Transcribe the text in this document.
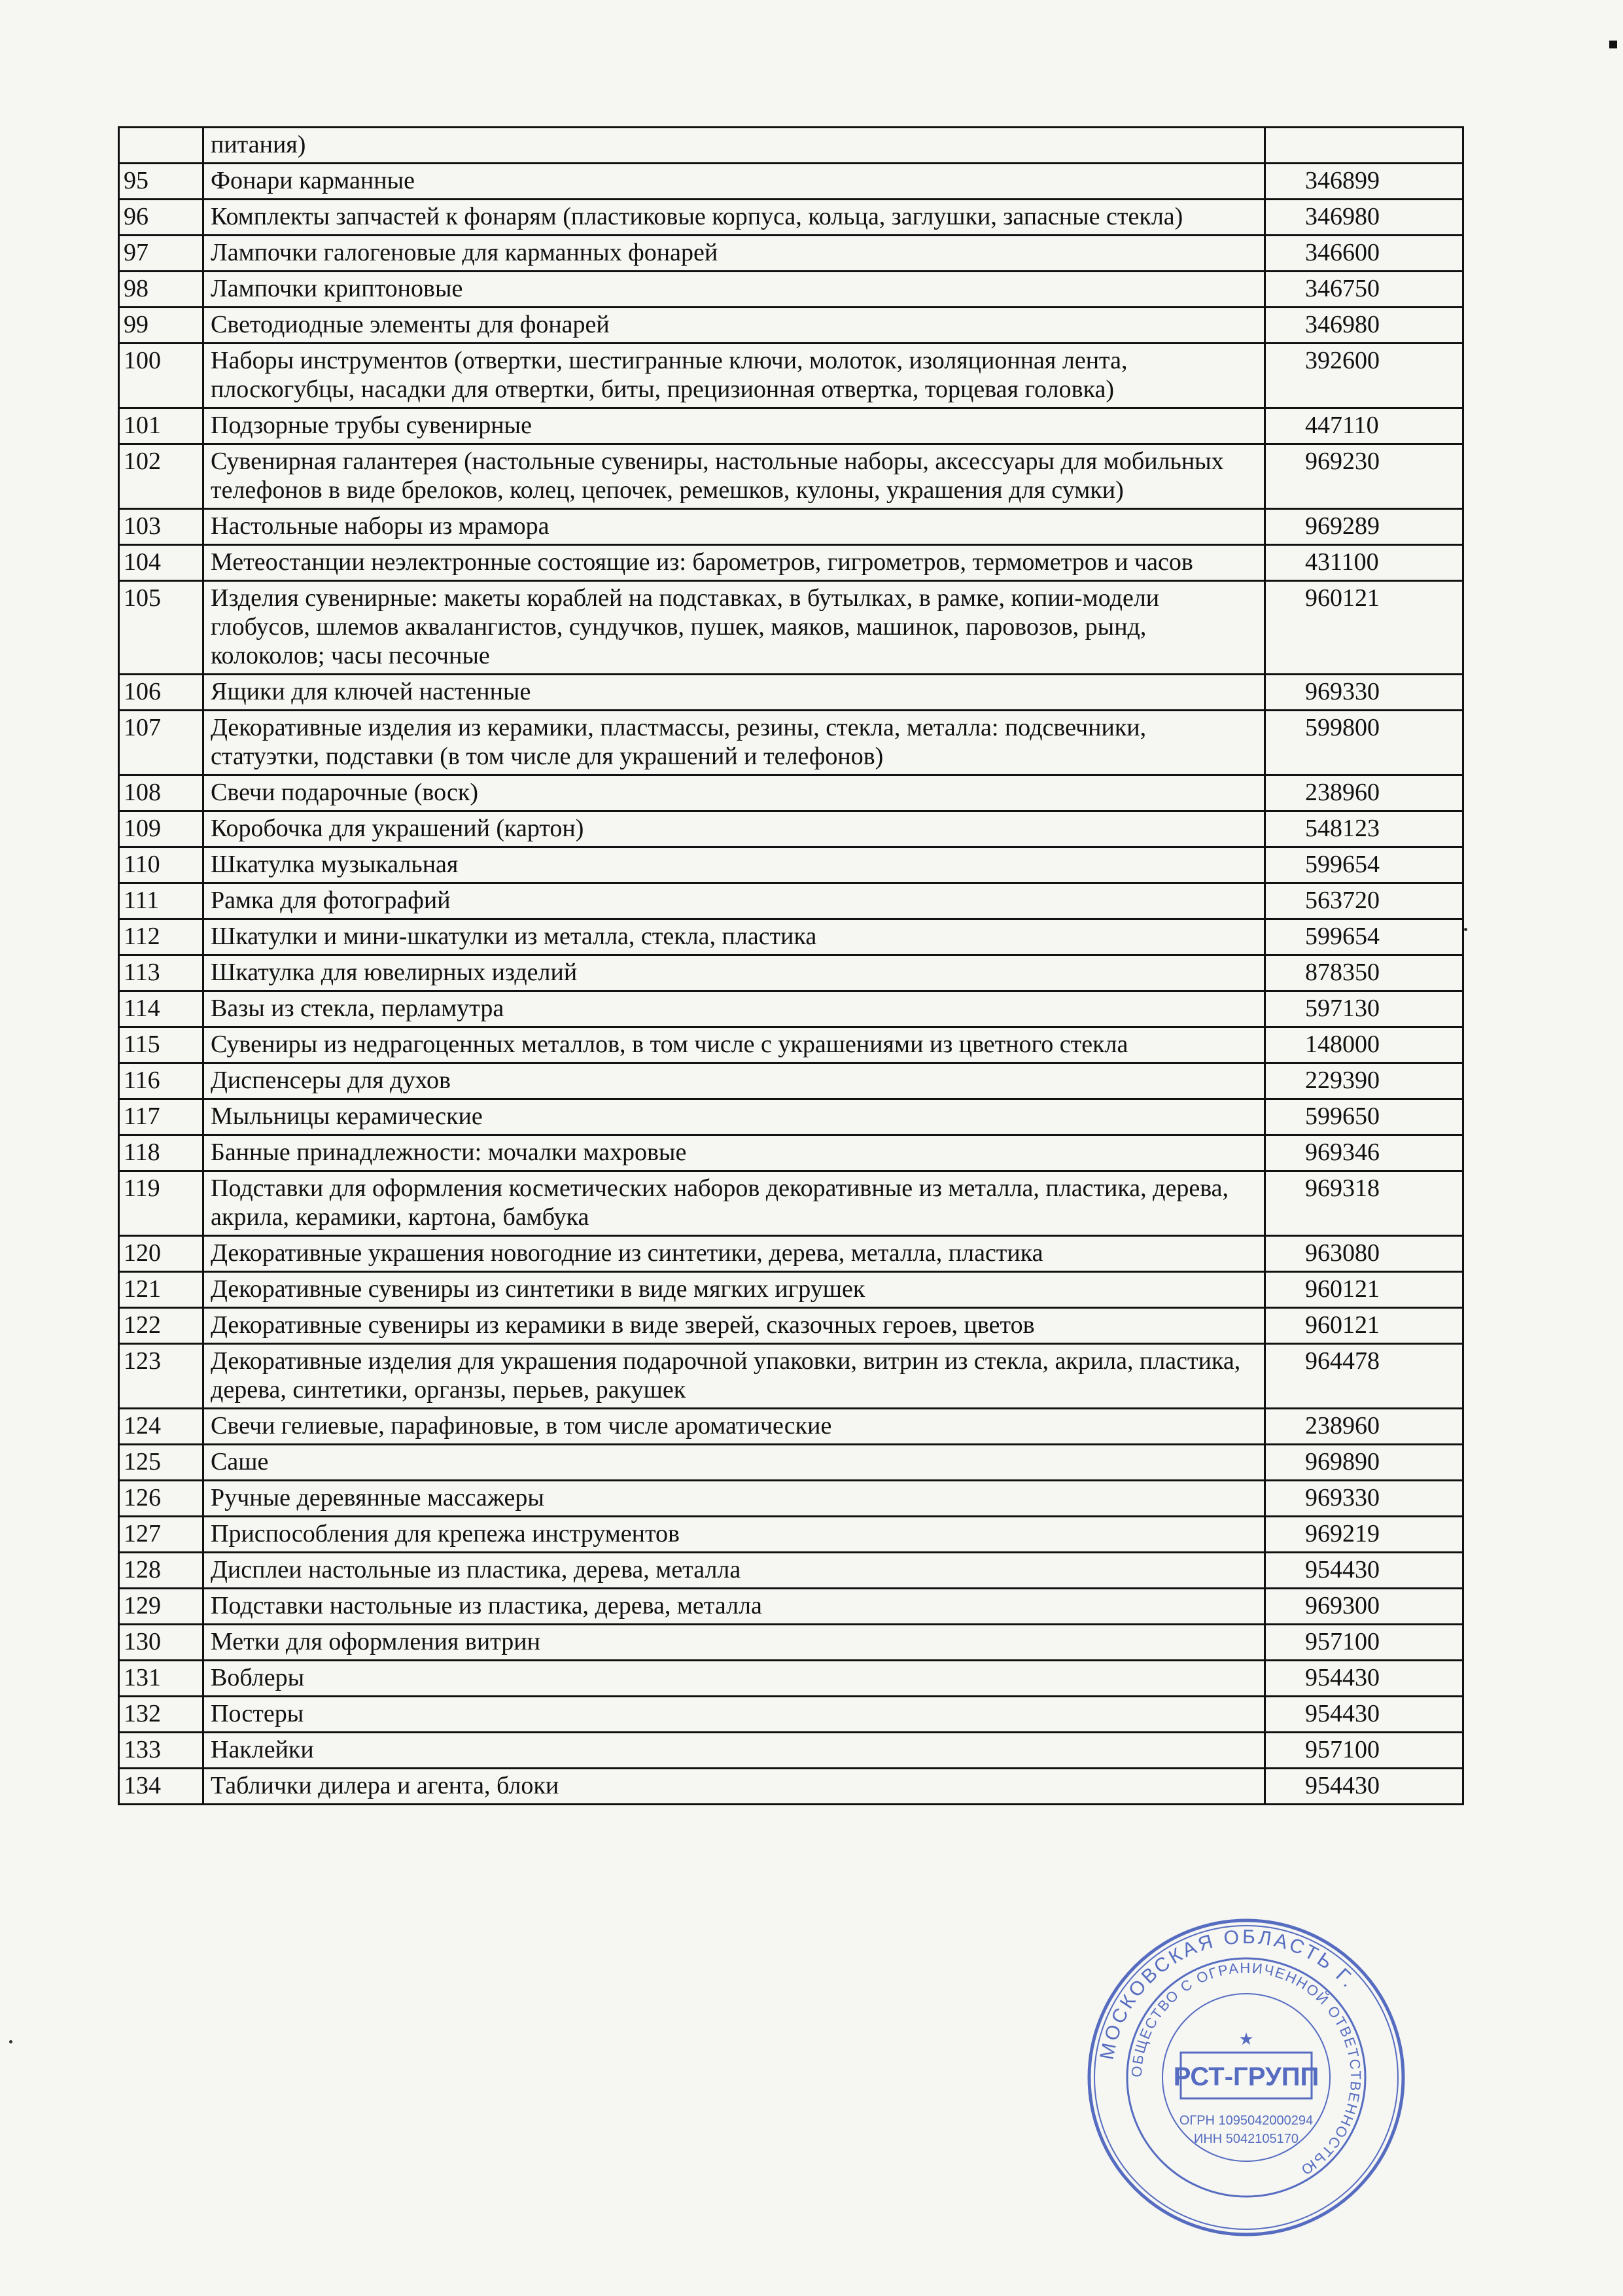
	питания)	
95	Фонари карманные	346899
96	Комплекты запчастей к фонарям (пластиковые корпуса, кольца, заглушки, запасные стекла)	346980
97	Лампочки галогеновые для карманных фонарей	346600
98	Лампочки криптоновые	346750
99	Светодиодные элементы для фонарей	346980
100	Наборы инструментов (отвертки, шестигранные ключи, молоток, изоляционная лента, плоскогубцы, насадки для отвертки, биты, прецизионная отвертка, торцевая головка)	392600
101	Подзорные трубы сувенирные	447110
102	Сувенирная галантерея (настольные сувениры, настольные наборы, аксессуары для мобильных телефонов в виде брелоков, колец, цепочек, ремешков, кулоны, украшения для сумки)	969230
103	Настольные наборы из мрамора	969289
104	Метеостанции неэлектронные состоящие из: барометров, гигрометров, термометров и часов	431100
105	Изделия сувенирные: макеты кораблей на подставках, в бутылках, в рамке, копии-модели глобусов, шлемов аквалангистов, сундучков, пушек, маяков, машинок, паровозов, рынд, колоколов; часы песочные	960121
106	Ящики для ключей настенные	969330
107	Декоративные изделия из керамики, пластмассы, резины, стекла, металла: подсвечники, статуэтки, подставки (в том числе для украшений и телефонов)	599800
108	Свечи подарочные (воск)	238960
109	Коробочка для украшений (картон)	548123
110	Шкатулка музыкальная	599654
111	Рамка для фотографий	563720
112	Шкатулки и мини-шкатулки из металла, стекла, пластика	599654
113	Шкатулка для ювелирных изделий	878350
114	Вазы из стекла, перламутра	597130
115	Сувениры из недрагоценных металлов, в том числе с украшениями из цветного стекла	148000
116	Диспенсеры для духов	229390
117	Мыльницы керамические	599650
118	Банные принадлежности: мочалки махровые	969346
119	Подставки для оформления косметических наборов декоративные из металла, пластика, дерева, акрила, керамики, картона, бамбука	969318
120	Декоративные украшения новогодние из синтетики, дерева, металла, пластика	963080
121	Декоративные сувениры из синтетики в виде мягких игрушек	960121
122	Декоративные сувениры из керамики в виде зверей, сказочных героев, цветов	960121
123	Декоративные изделия для украшения подарочной упаковки, витрин из стекла, акрила, пластика, дерева, синтетики, органзы, перьев, ракушек	964478
124	Свечи гелиевые, парафиновые, в том числе ароматические	238960
125	Саше	969890
126	Ручные деревянные массажеры	969330
127	Приспособления для крепежа инструментов	969219
128	Дисплеи настольные из пластика, дерева, металла	954430
129	Подставки настольные из пластика, дерева, металла	969300
130	Метки для оформления витрин	957100
131	Воблеры	954430
132	Постеры	954430
133	Наклейки	957100
134	Таблички дилера и агента, блоки	954430
МОСКОВСКАЯ ОБЛАСТЬ Г.
ОБЩЕСТВО С ОГРАНИЧЕННОЙ ОТВЕТСТВЕННОСТЬЮ
РСТ-ГРУПП
ОГРН 1095042000294
ИНН 5042105170
★
